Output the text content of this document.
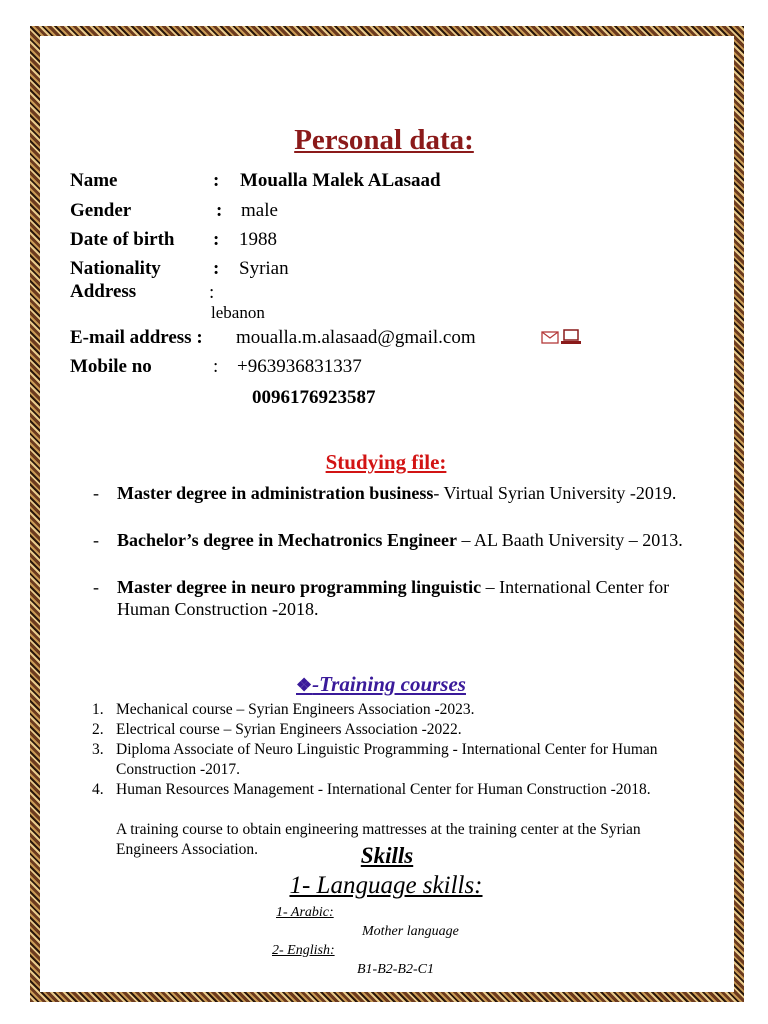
Personal data:
Name	: Moualla Malek ALasaad
Gender	: male
Date of birth : 1988
Nationality	: Syrian
Address	:
lebanon
E-mail address : moualla.m.alasaad@gmail.com
Mobile no	: +963936831337
0096176923587
Studying file:
- Master degree in administration business- Virtual Syrian University -2019.
- Bachelor’s degree in Mechatronics Engineer – AL Baath University – 2013.
- Master degree in neuro programming linguistic – International Center for Human Construction -2018.
❖-Training courses
1. Mechanical course – Syrian Engineers Association -2023.
2. Electrical course – Syrian Engineers Association -2022.
3. Diploma Associate of Neuro Linguistic Programming - International Center for Human Construction -2017.
4. Human Resources Management - International Center for Human Construction -2018.
A training course to obtain engineering mattresses at the training center at the Syrian Engineers Association.	Skills
1- Language skills:
1- Arabic:
Mother language
2- English:
B1-B2-B2-C1
